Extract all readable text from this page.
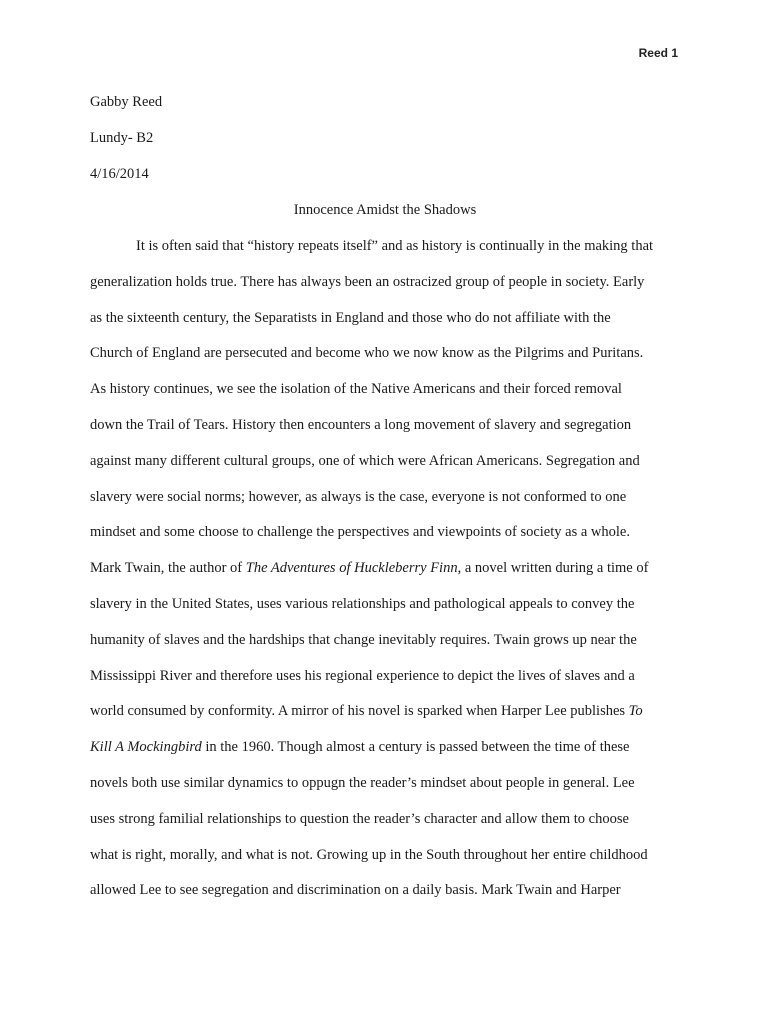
Reed 1
Gabby Reed
Lundy- B2
4/16/2014
Innocence Amidst the Shadows
It is often said that “history repeats itself” and as history is continually in the making that
generalization holds true. There has always been an ostracized group of people in society. Early
as the sixteenth century, the Separatists in England and those who do not affiliate with the
Church of England are persecuted and become who we now know as the Pilgrims and Puritans.
As history continues, we see the isolation of the Native Americans and their forced removal
down the Trail of Tears. History then encounters a long movement of slavery and segregation
against many different cultural groups, one of which were African Americans. Segregation and
slavery were social norms; however, as always is the case, everyone is not conformed to one
mindset and some choose to challenge the perspectives and viewpoints of society as a whole.
Mark Twain, the author of The Adventures of Huckleberry Finn, a novel written during a time of
slavery in the United States, uses various relationships and pathological appeals to convey the
humanity of slaves and the hardships that change inevitably requires. Twain grows up near the
Mississippi River and therefore uses his regional experience to depict the lives of slaves and a
world consumed by conformity. A mirror of his novel is sparked when Harper Lee publishes To
Kill A Mockingbird in the 1960. Though almost a century is passed between the time of these
novels both use similar dynamics to oppugn the reader’s mindset about people in general. Lee
uses strong familial relationships to question the reader’s character and allow them to choose
what is right, morally, and what is not. Growing up in the South throughout her entire childhood
allowed Lee to see segregation and discrimination on a daily basis. Mark Twain and Harper
